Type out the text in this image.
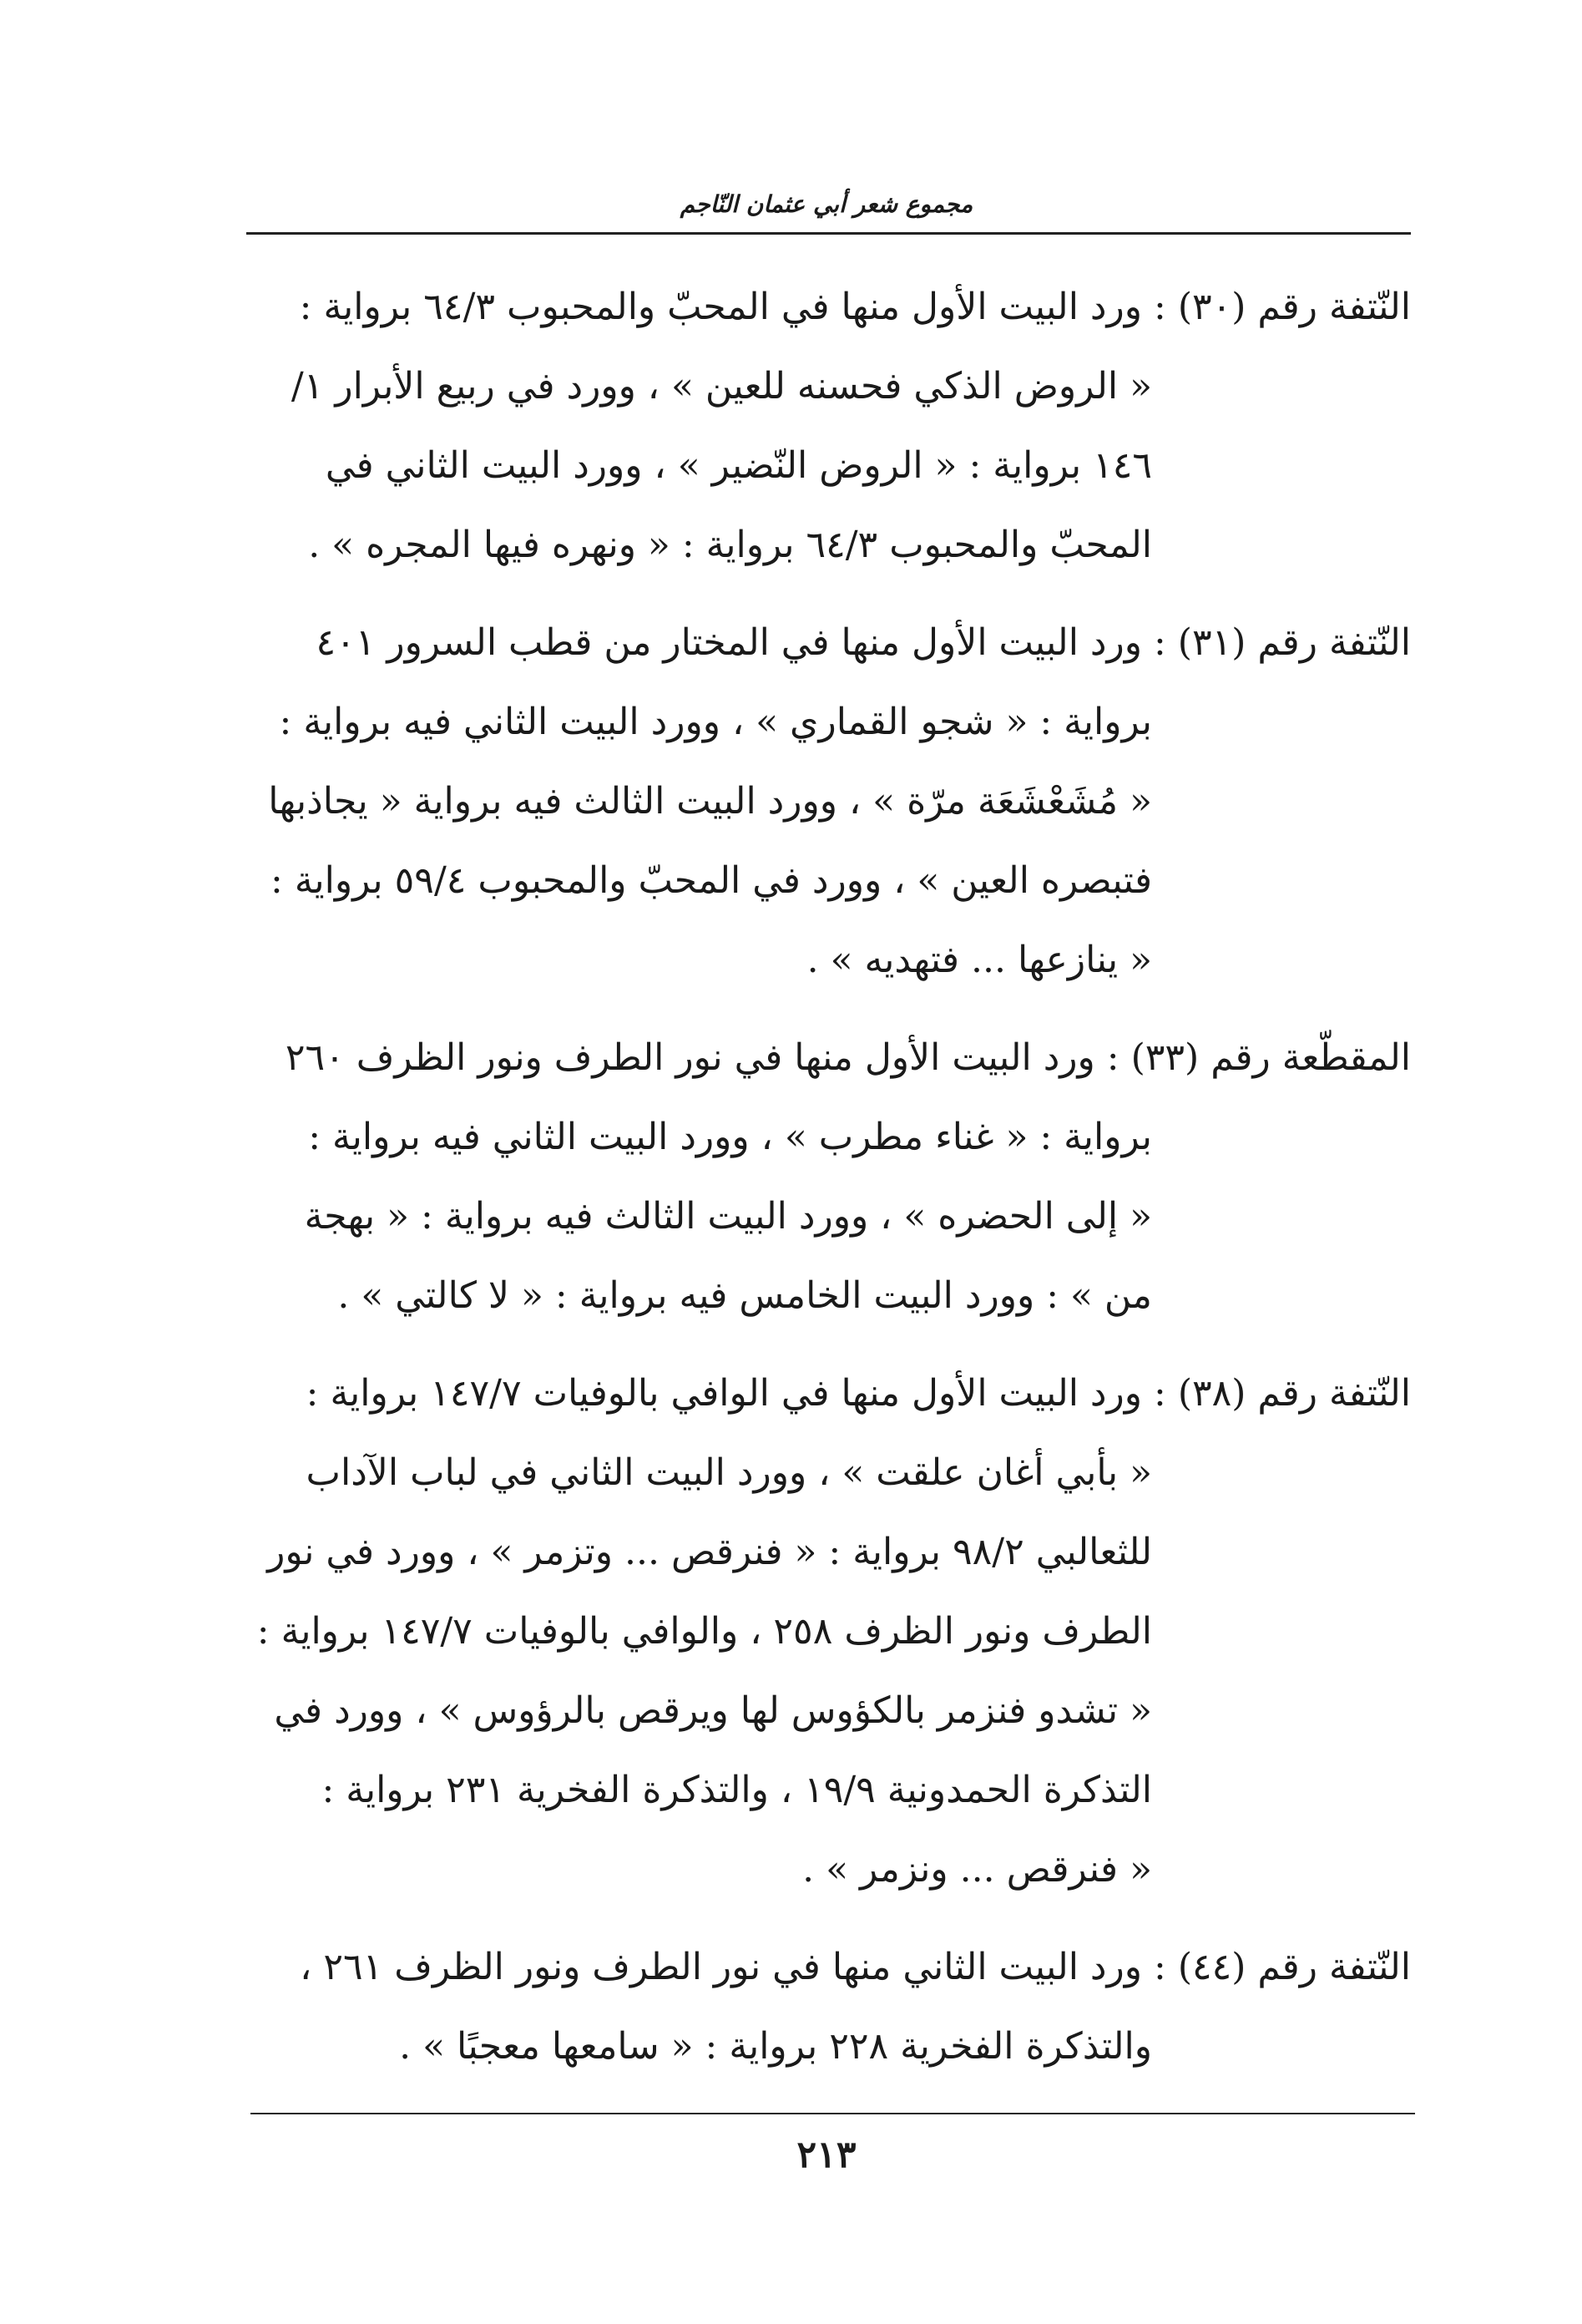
مجموع شعر أبي عثمان النّاجم
النّتفة رقم (٣٠) : ورد البيت الأول منها في المحبّ والمحبوب ٦٤/٣ برواية :
« الروض الذكي فحسنه للعين » ، وورد في ربيع الأبرار ١/
١٤٦ برواية : « الروض النّضير » ، وورد البيت الثاني في
المحبّ والمحبوب ٦٤/٣ برواية : « ونهره فيها المجره » .
النّتفة رقم (٣١) : ورد البيت الأول منها في المختار من قطب السرور ٤٠١
برواية : « شجو القماري » ، وورد البيت الثاني فيه برواية :
« مُشَعْشَعَة مرّة » ، وورد البيت الثالث فيه برواية « يجاذبها
فتبصره العين » ، وورد في المحبّ والمحبوب ٥٩/٤ برواية :
« ينازعها ... فتهديه » .
المقطّعة رقم (٣٣) : ورد البيت الأول منها في نور الطرف ونور الظرف ٢٦٠
برواية : « غناء مطرب » ، وورد البيت الثاني فيه برواية :
« إلى الحضره » ، وورد البيت الثالث فيه برواية : « بهجة
من » : وورد البيت الخامس فيه برواية : « لا كالتي » .
النّتفة رقم (٣٨) : ورد البيت الأول منها في الوافي بالوفيات ١٤٧/٧ برواية :
« بأبي أغان علقت » ، وورد البيت الثاني في لباب الآداب
للثعالبي ٩٨/٢ برواية : « فنرقص ... وتزمر » ، وورد في نور
الطرف ونور الظرف ٢٥٨ ، والوافي بالوفيات ١٤٧/٧ برواية :
« تشدو فنزمر بالكؤوس لها ويرقص بالرؤوس » ، وورد في
التذكرة الحمدونية ١٩/٩ ، والتذكرة الفخرية ٢٣١ برواية :
« فنرقص ... ونزمر » .
النّتفة رقم (٤٤) : ورد البيت الثاني منها في نور الطرف ونور الظرف ٢٦١ ،
والتذكرة الفخرية ٢٢٨ برواية : « سامعها معجبًا » .
٢١٣
